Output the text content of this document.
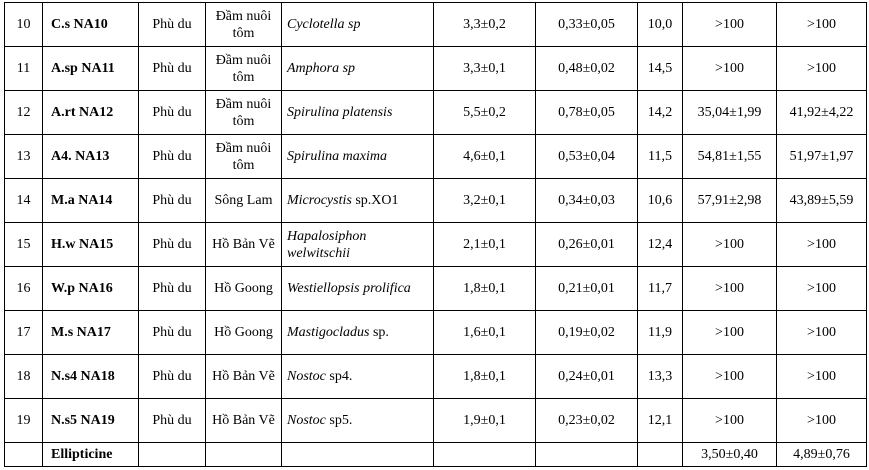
10	C.s NA10	Phù du	Đầm nuôi tôm	Cyclotella sp	3,3±0,2	0,33±0,05	10,0	>100	>100
11	A.sp NA11	Phù du	Đầm nuôi tôm	Amphora sp	3,3±0,1	0,48±0,02	14,5	>100	>100
12	A.rt NA12	Phù du	Đầm nuôi tôm	Spirulina platensis	5,5±0,2	0,78±0,05	14,2	35,04±1,99	41,92±4,22
13	A4. NA13	Phù du	Đầm nuôi tôm	Spirulina maxima	4,6±0,1	0,53±0,04	11,5	54,81±1,55	51,97±1,97
14	M.a NA14	Phù du	Sông Lam	Microcystis sp.XO1	3,2±0,1	0,34±0,03	10,6	57,91±2,98	43,89±5,59
15	H.w NA15	Phù du	Hồ Bản Vẽ	Hapalosiphon welwitschii	2,1±0,1	0,26±0,01	12,4	>100	>100
16	W.p NA16	Phù du	Hồ Goong	Westiellopsis prolifica	1,8±0,1	0,21±0,01	11,7	>100	>100
17	M.s NA17	Phù du	Hồ Goong	Mastigocladus sp.	1,6±0,1	0,19±0,02	11,9	>100	>100
18	N.s4 NA18	Phù du	Hồ Bản Vẽ	Nostoc sp4.	1,8±0,1	0,24±0,01	13,3	>100	>100
19	N.s5 NA19	Phù du	Hồ Bản Vẽ	Nostoc sp5.	1,9±0,1	0,23±0,02	12,1	>100	>100
	Ellipticine							3,50±0,40	4,89±0,76
